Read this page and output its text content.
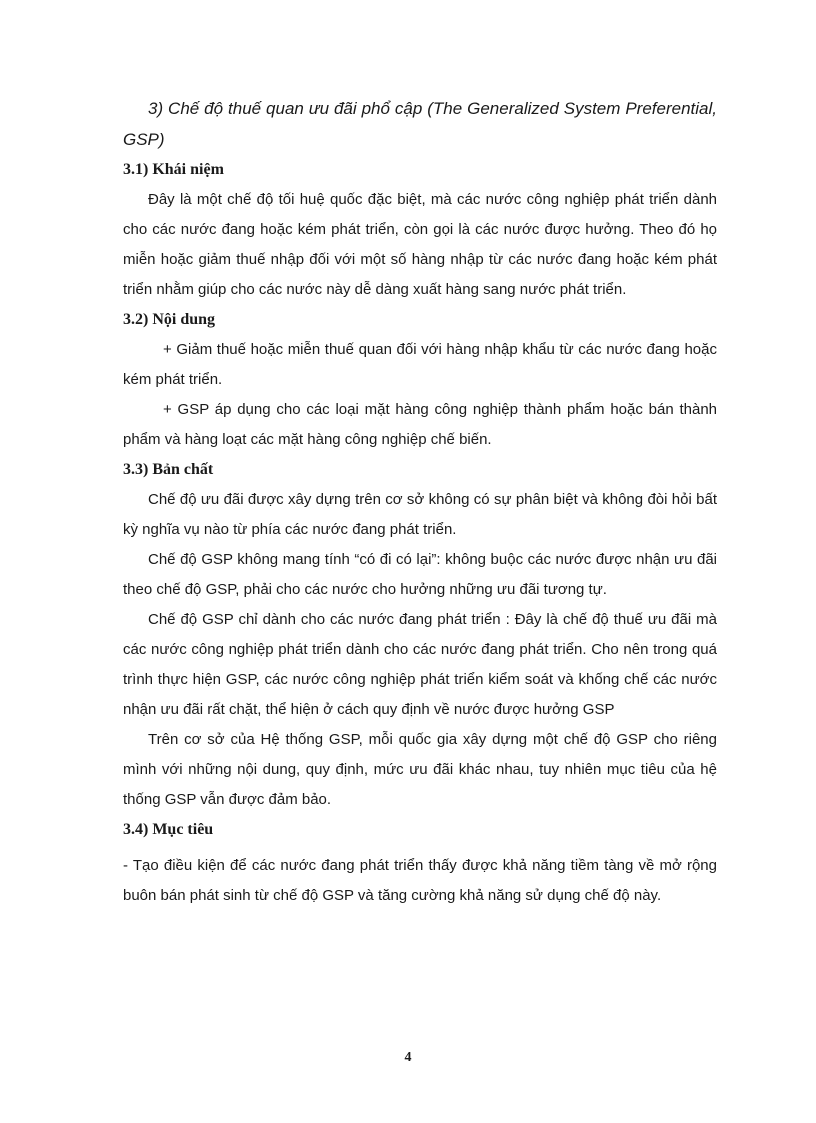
3) Chế độ thuế quan ưu đãi phổ cập (The Generalized System Preferential, GSP)

3.1) Khái niệm

Đây là một chế độ tối huệ quốc đặc biệt, mà các nước công nghiệp phát triển dành cho các nước đang hoặc kém phát triển, còn gọi là các nước được hưởng. Theo đó họ miễn hoặc giảm thuế nhập đối với một số hàng nhập từ các nước đang hoặc kém phát triển nhằm giúp cho các nước này dễ dàng xuất hàng sang nước phát triển.

3.2) Nội dung

+ Giảm thuế hoặc miễn thuế quan đối với hàng nhập khẩu từ các nước đang hoặc kém phát triển.

+ GSP áp dụng cho các loại mặt hàng công nghiệp thành phẩm hoặc bán thành phẩm và hàng loạt các mặt hàng công nghiệp chế biến.

3.3) Bản chất

Chế độ ưu đãi được xây dựng trên cơ sở không có sự phân biệt và không đòi hỏi bất kỳ nghĩa vụ nào từ phía các nước đang phát triển.

Chế độ GSP không mang tính “có đi có lại”: không buộc các nước được nhận ưu đãi theo chế độ GSP, phải cho các nước cho hưởng những ưu đãi tương tự.

Chế độ GSP chỉ dành cho các nước đang phát triển : Đây là chế độ thuế ưu đãi mà các nước công nghiệp phát triển dành cho các nước đang phát triển. Cho nên trong quá trình thực hiện GSP, các nước công nghiệp phát triển kiểm soát và khống chế các nước nhận ưu đãi rất chặt, thể hiện ở cách quy định về nước được hưởng GSP

Trên cơ sở của Hệ thống GSP, mỗi quốc gia xây dựng một chế độ GSP cho riêng mình với những nội dung, quy định, mức ưu đãi khác nhau, tuy nhiên mục tiêu của hệ thống GSP vẫn được đảm bảo.

3.4) Mục tiêu

- Tạo điều kiện để các nước đang phát triển thấy được khả năng tiềm tàng về mở rộng buôn bán phát sinh từ chế độ GSP và tăng cường khả năng sử dụng chế độ này.

4
